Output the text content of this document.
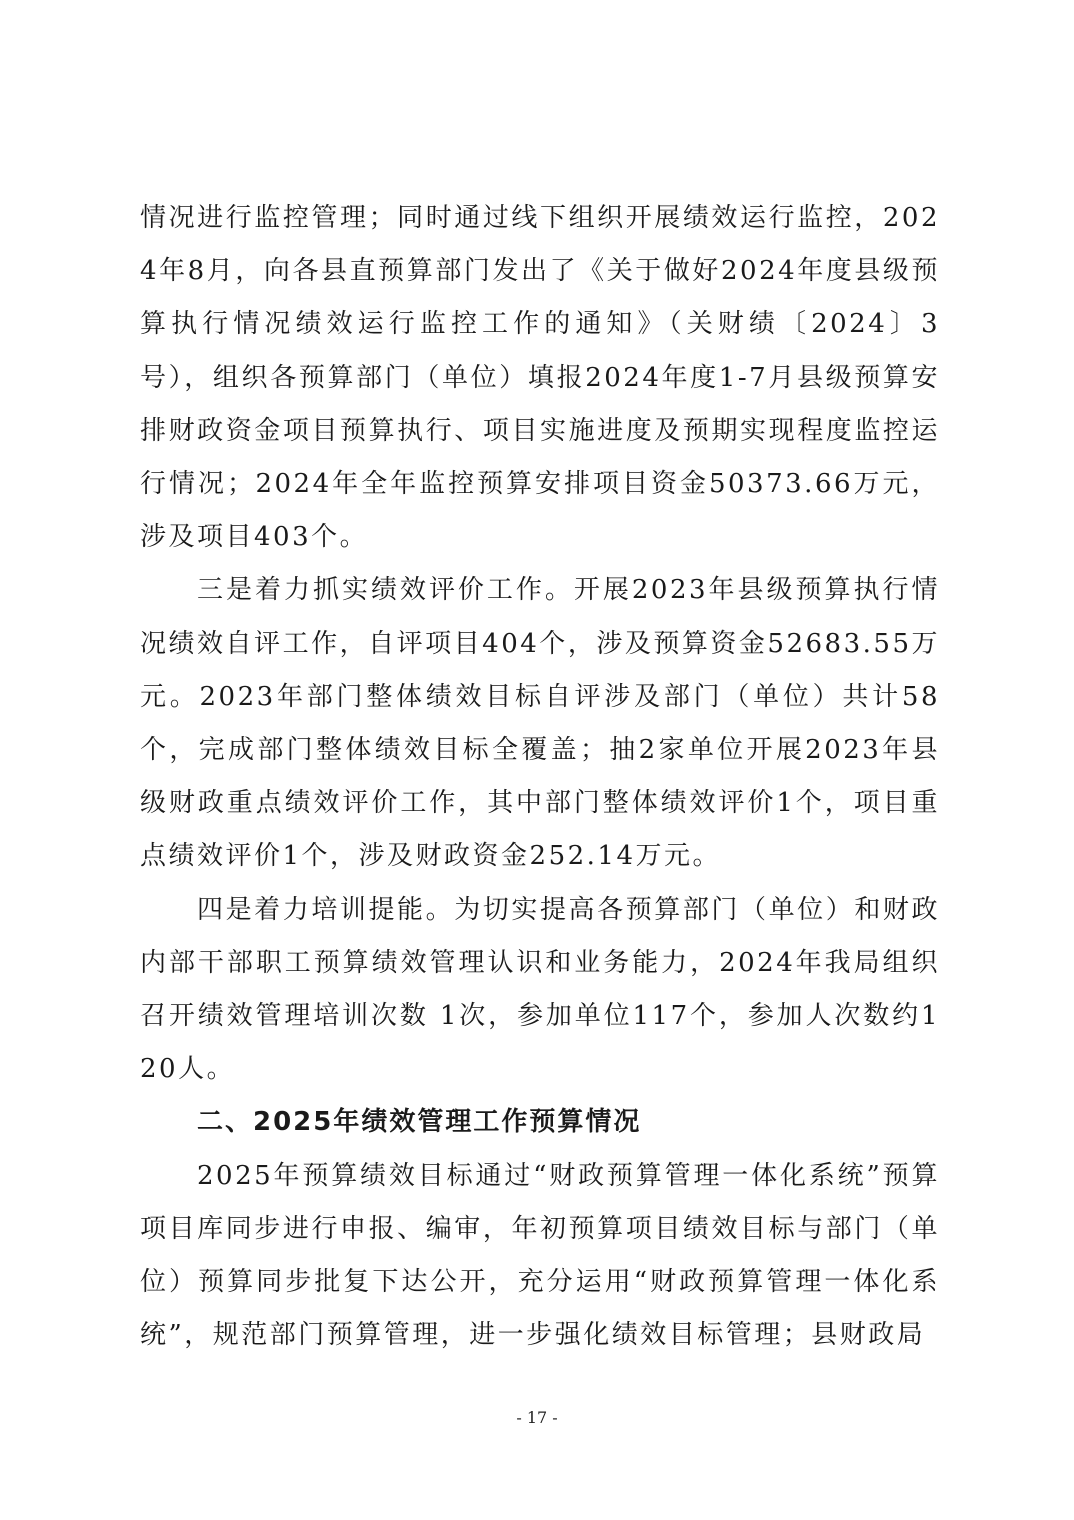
情况进行监控管理；同时通过线下组织开展绩效运行监控，2024年8月，向各县直预算部门发出了《关于做好2024年度县级预算执行情况绩效运行监控工作的通知》（关财绩〔2024〕3号），组织各预算部门（单位）填报2024年度1-7月县级预算安排财政资金项目预算执行、项目实施进度及预期实现程度监控运行情况；2024年全年监控预算安排项目资金50373.66万元，涉及项目403个。

三是着力抓实绩效评价工作。开展2023年县级预算执行情况绩效自评工作，自评项目404个，涉及预算资金52683.55万元。2023年部门整体绩效目标自评涉及部门（单位）共计58个，完成部门整体绩效目标全覆盖；抽2家单位开展2023年县级财政重点绩效评价工作，其中部门整体绩效评价1个，项目重点绩效评价1个，涉及财政资金252.14万元。

四是着力培训提能。为切实提高各预算部门（单位）和财政内部干部职工预算绩效管理认识和业务能力，2024年我局组织召开绩效管理培训次数 1次，参加单位117个，参加人次数约120人。

二、2025年绩效管理工作预算情况

2025年预算绩效目标通过“财政预算管理一体化系统”预算项目库同步进行申报、编审，年初预算项目绩效目标与部门（单位）预算同步批复下达公开，充分运用“财政预算管理一体化系统”，规范部门预算管理，进一步强化绩效目标管理；县财政局

- 17 -
